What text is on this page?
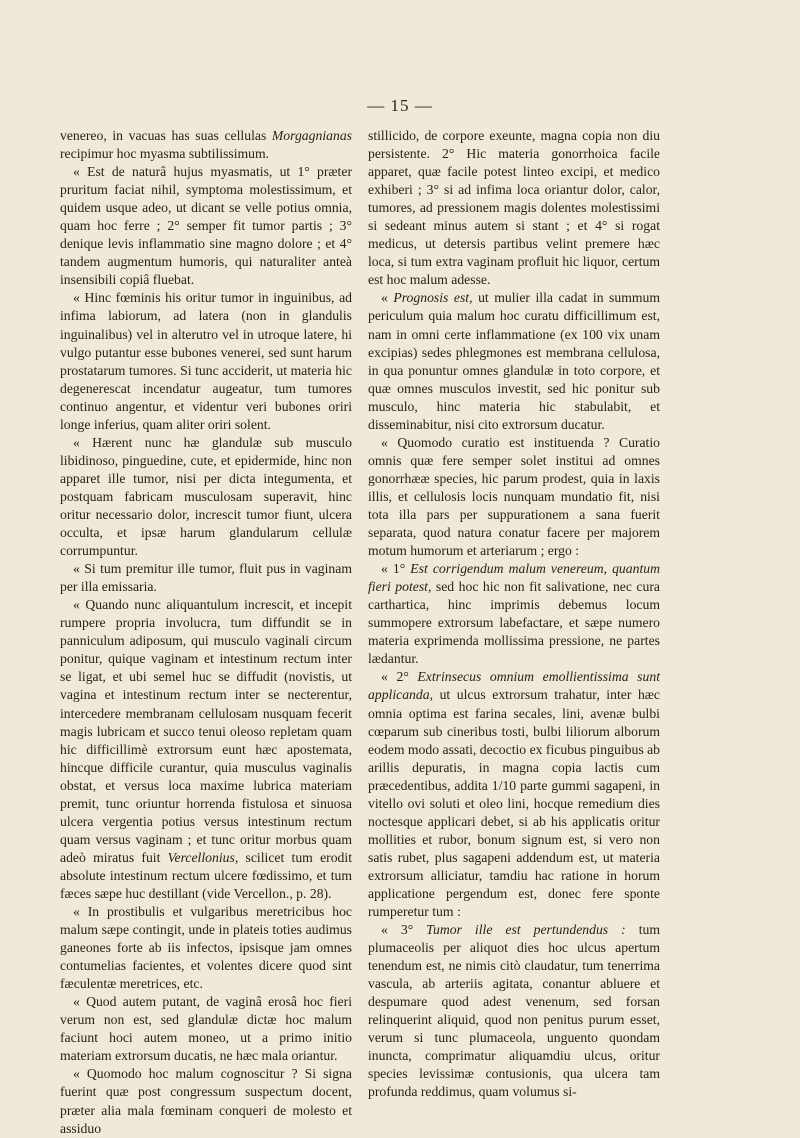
— 15 —

venereo, in vacuas has suas cellulas Morgagnianas recipimur hoc myasma subtilissimum.

« Est de naturâ hujus myasmatis, ut 1° præter pruritum faciat nihil, symptoma molestissimum, et quidem usque adeo, ut dicant se velle potius omnia, quam hoc ferre ; 2° semper fit tumor partis ; 3° denique levis inflammatio sine magno dolore ; et 4° tandem augmentum humoris, qui naturaliter anteà insensibili copiâ fluebat.

« Hinc fœminis his oritur tumor in inguinibus, ad infima labiorum, ad latera (non in glandulis inguinalibus) vel in alterutro vel in utroque latere, hi vulgo putantur esse bubones venerei, sed sunt harum prostatarum tumores. Si tunc acciderit, ut materia hic degenerescat incendatur augeatur, tum tumores continuo angentur, et videntur veri bubones oriri longe inferius, quam aliter oriri solent.

« Hærent nunc hæ glandulæ sub musculo libidinoso, pinguedine, cute, et epidermide, hinc non apparet ille tumor, nisi per dicta integumenta, et postquam fabricam musculosam superavit, hinc oritur necessario dolor, increscit tumor fiunt, ulcera occulta, et ipsæ harum glandularum cellulæ corrumpuntur.

« Si tum premitur ille tumor, fluit pus in vaginam per illa emissaria.

« Quando nunc aliquantulum increscit, et incepit rumpere propria involucra, tum diffundit se in panniculum adiposum, qui musculo vaginali circum ponitur, quique vaginam et intestinum rectum inter se ligat, et ubi semel huc se diffudit (novistis, ut vagina et intestinum rectum inter se necterentur, intercedere membranam cellulosam nusquam fecerit magis lubricam et succo tenui oleoso repletam quam hic difficillimè extrorsum eunt hæc apostemata, hincque difficile curantur, quia musculus vaginalis obstat, et versus loca maxime lubrica materiam premit, tunc oriuntur horrenda fistulosa et sinuosa ulcera vergentia potius versus intestinum rectum quam versus vaginam ; et tunc oritur morbus quam adeò miratus fuit Vercellonius, scilicet tum erodit absolute intestinum rectum ulcere fœdissimo, et tum fæces sæpe huc destillant (vide Vercellon., p. 28).

« In prostibulis et vulgaribus meretricibus hoc malum sæpe contingit, unde in plateis toties audimus ganeones forte ab iis infectos, ipsisque jam omnes contumelias facientes, et volentes dicere quod sint fæculentæ meretrices, etc.

« Quod autem putant, de vaginâ erosâ hoc fieri verum non est, sed glandulæ dictæ hoc malum faciunt hoci autem moneo, ut a primo initio materiam extrorsum ducatis, ne hæc mala oriantur.

« Quomodo hoc malum cognoscitur ? Si signa fuerint quæ post congressum suspectum docent, præter alia mala fœminam conqueri de molesto et assiduo

stillicido, de corpore exeunte, magna copia non diu persistente. 2° Hic materia gonorrhoica facile apparet, quæ facile potest linteo excipi, et medico exhiberi ; 3° si ad infima loca oriantur dolor, calor, tumores, ad pressionem magis dolentes molestissimi si sedeant minus autem si stant ; et 4° si rogat medicus, ut detersis partibus velint premere hæc loca, si tum extra vaginam profluit hic liquor, certum est hoc malum adesse.

« Prognosis est, ut mulier illa cadat in summum periculum quia malum hoc curatu difficillimum est, nam in omni certe inflammatione (ex 100 vix unam excipias) sedes phlegmones est membrana cellulosa, in qua ponuntur omnes glandulæ in toto corpore, et quæ omnes musculos investit, sed hic ponitur sub musculo, hinc materia hic stabulabit, et disseminabitur, nisi cito extrorsum ducatur.

« Quomodo curatio est instituenda ? Curatio omnis quæ fere semper solet institui ad omnes gonorrhææ species, hic parum prodest, quia in laxis illis, et cellulosis locis nunquam mundatio fit, nisi tota illa pars per suppurationem a sana fuerit separata, quod natura conatur facere per majorem motum humorum et arteriarum ; ergo :

« 1° Est corrigendum malum venereum, quantum fieri potest, sed hoc hic non fit salivatione, nec cura carthartica, hinc imprimis debemus locum summopere extrorsum labefactare, et sæpe numero materia exprimenda mollissima pressione, ne partes lædantur.

« 2° Extrinsecus omnium emollientissima sunt applicanda, ut ulcus extrorsum trahatur, inter hæc omnia optima est farina secales, lini, avenæ bulbi cœparum sub cineribus tosti, bulbi liliorum alborum eodem modo assati, decoctio ex ficubus pinguibus ab arillis depuratis, in magna copia lactis cum præcedentibus, addita 1/10 parte gummi sagapeni, in vitello ovi soluti et oleo lini, hocque remedium dies noctesque applicari debet, si ab his applicatis oritur mollities et rubor, bonum signum est, si vero non satis rubet, plus sagapeni addendum est, ut materia extrorsum alliciatur, tamdiu hac ratione in horum applicatione pergendum est, donec fere sponte rumperetur tum :

« 3° Tumor ille est pertundendus : tum plumaceolis per aliquot dies hoc ulcus apertum tenendum est, ne nimis citò claudatur, tum tenerrima vascula, ab arteriis agitata, conantur abluere et despumare quod adest venenum, sed forsan relinquerint aliquid, quod non penitus purum esset, verum si tunc plumaceola, unguento quondam inuncta, comprimatur aliquamdiu ulcus, oritur species levissimæ contusionis, qua ulcera tam profunda reddimus, quam volumus si-
